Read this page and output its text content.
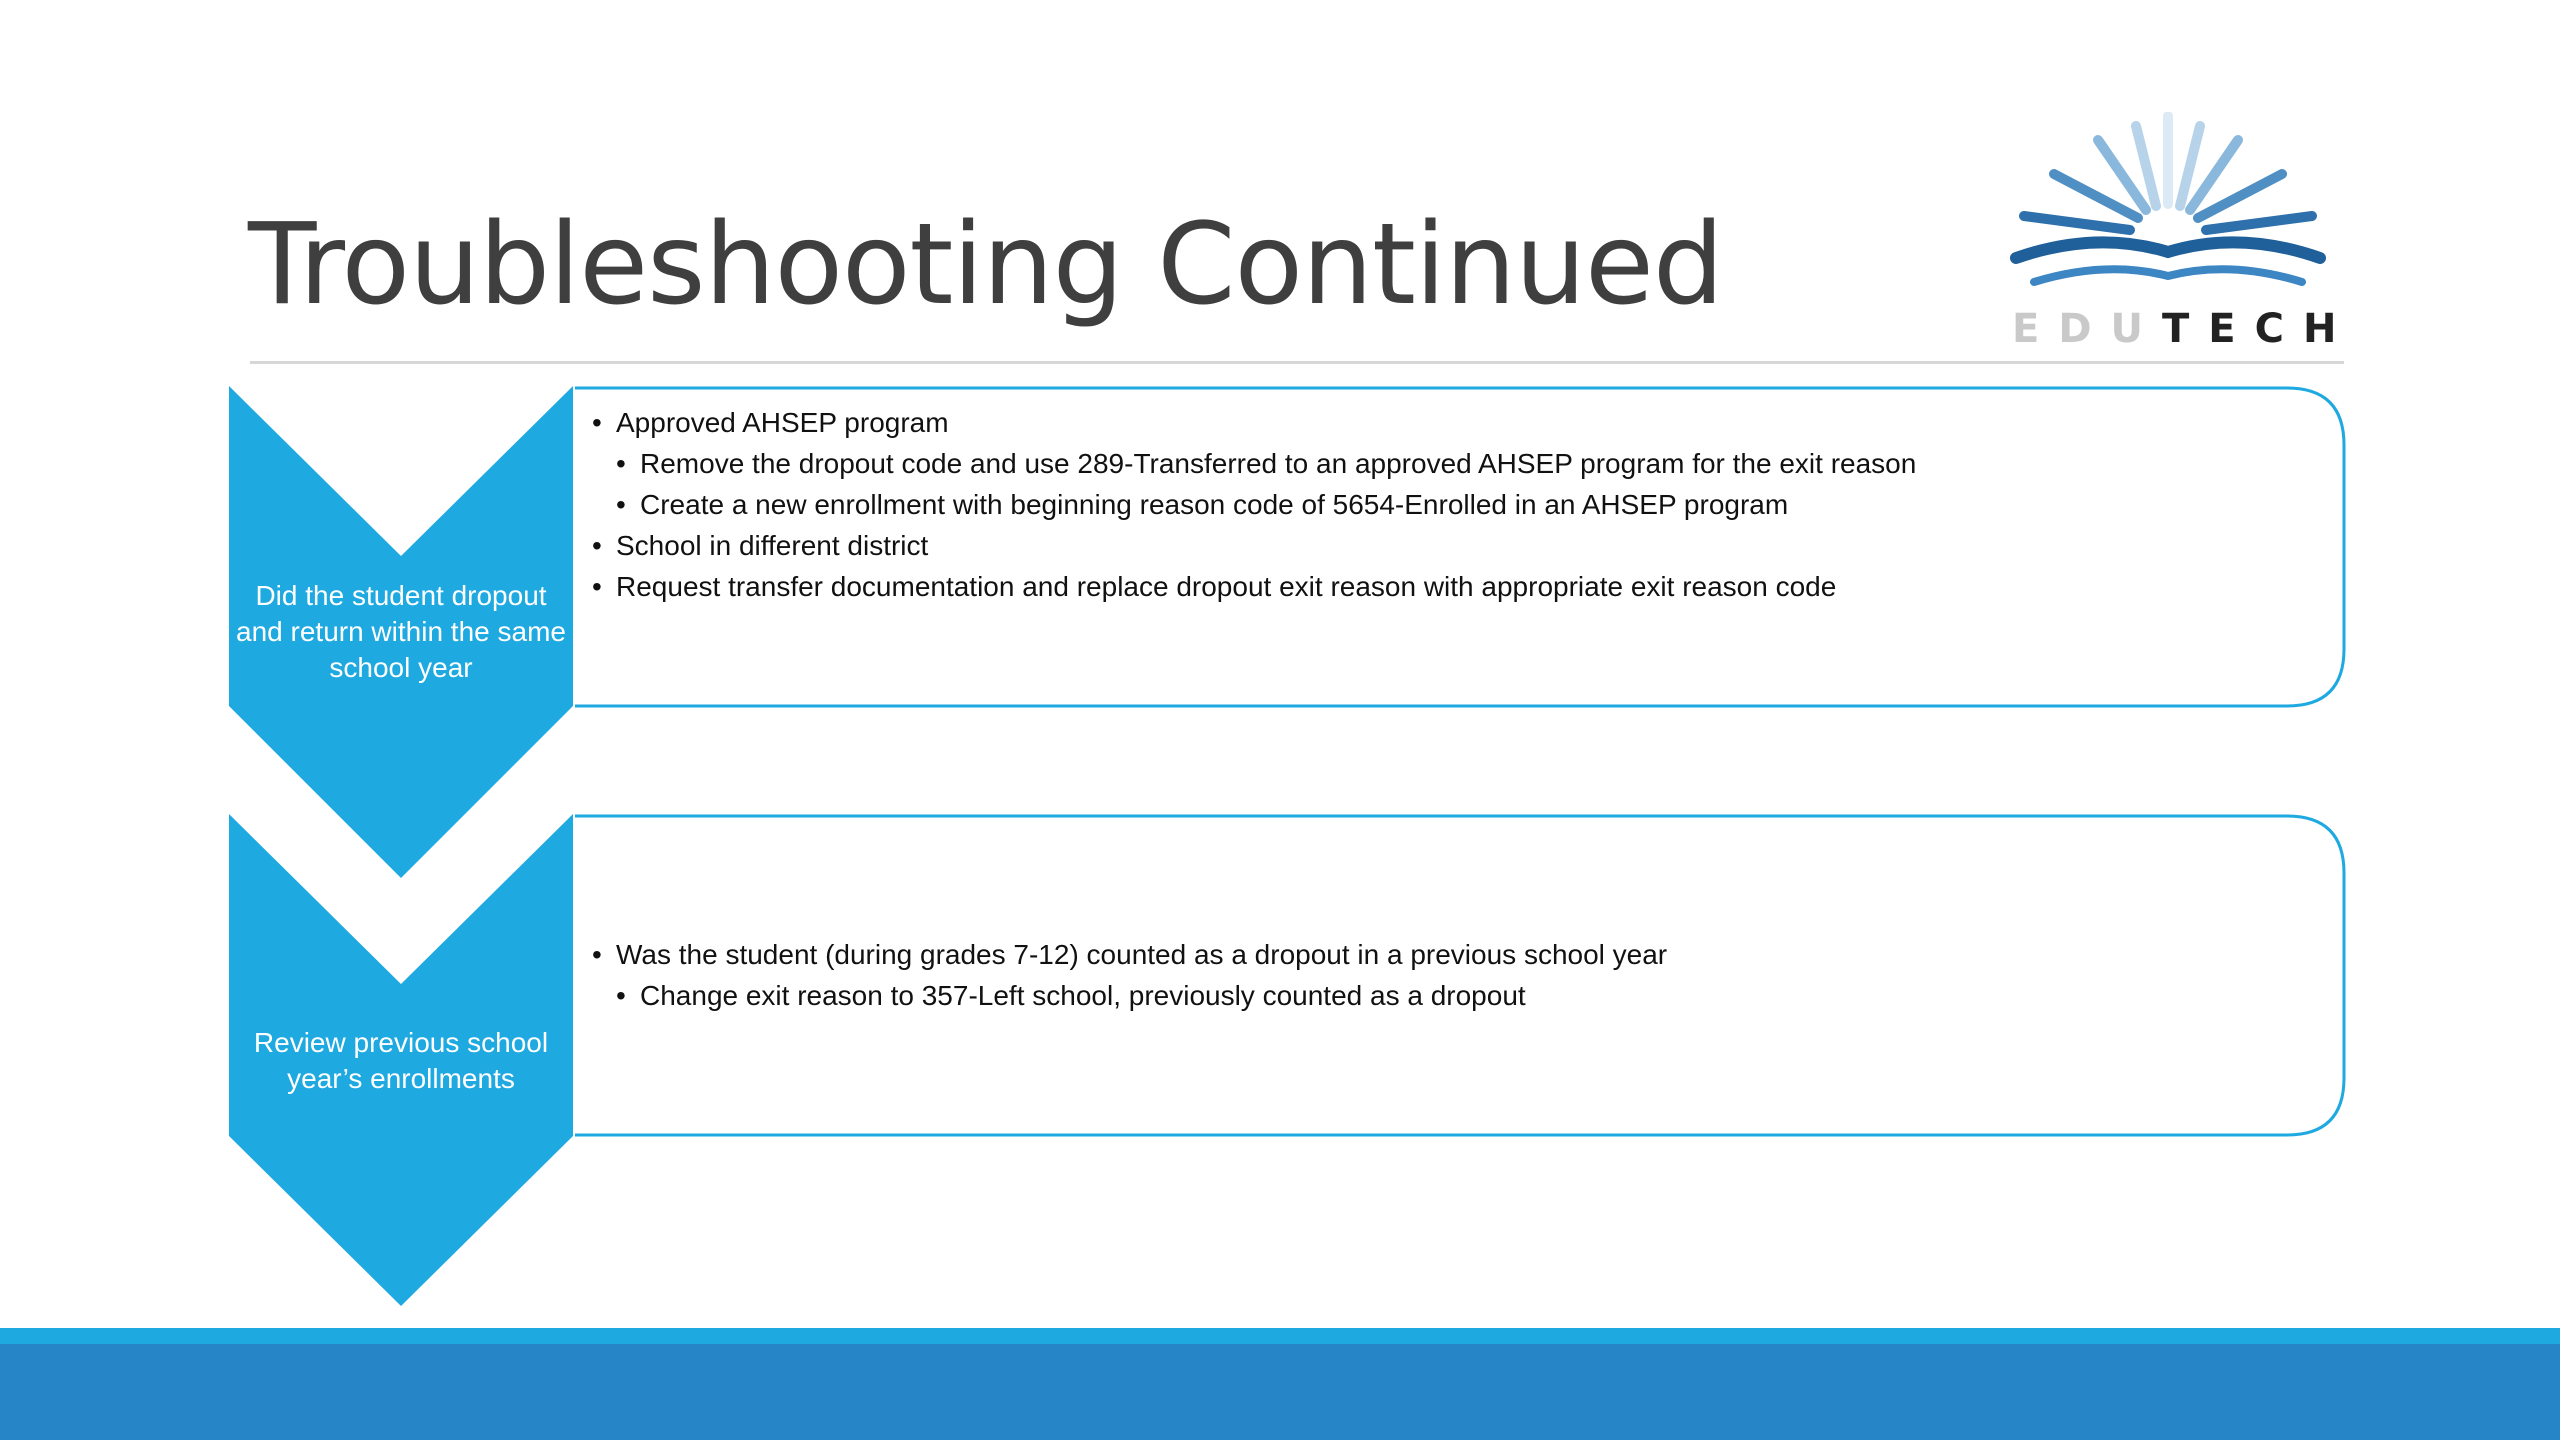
Troubleshooting Continued	EDUTECH
Did the student dropout and return within the same school year
Review previous school year’s enrollments
• Approved AHSEP program
• Remove the dropout code and use 289-Transferred to an approved AHSEP program for the exit reason
• Create a new enrollment with beginning reason code of 5654-Enrolled in an AHSEP program
• School in different district
• Request transfer documentation and replace dropout exit reason with appropriate exit reason code
• Was the student (during grades 7-12) counted as a dropout in a previous school year
• Change exit reason to 357-Left school, previously counted as a dropout
